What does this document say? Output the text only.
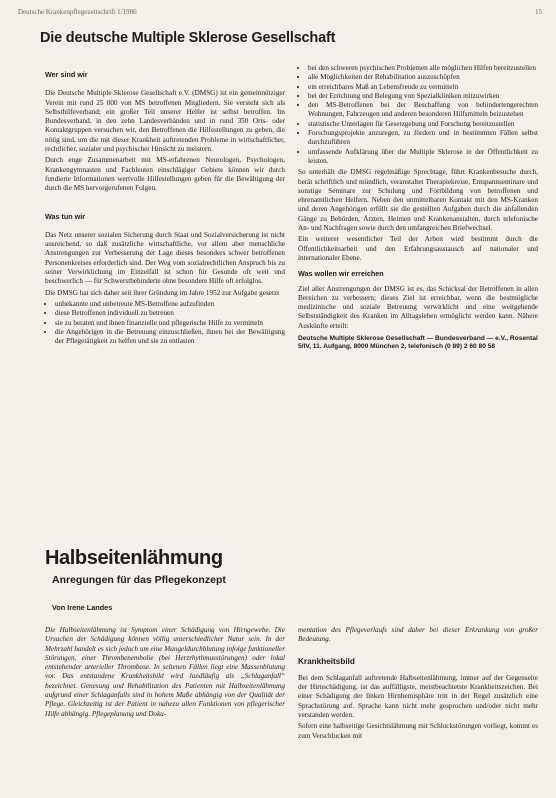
Deutsche Krankenpflegezeitschrift 1/1986	15
Die deutsche Multiple Sklerose Gesellschaft
Wer sind wir

Die Deutsche Multiple Sklerose Gesellschaft e.V. (DMSG) ist ein gemeinnütziger Verein mit rund 25 000 von MS betroffenen Mitgliedern. Sie versteht sich als Selbsthilfeverband; ein großer Teil unserer Helfer ist selbst betroffen. Im Bundesverband, in den zehn Landesverbänden und in rund 350 Orts- oder Kontaktgruppen versuchen wir, den Betroffenen die Hilfestellungen zu geben, die nötig sind, um die mit dieser Krankheit auftretenden Probleme in wirtschaftlicher, rechtlicher, sozialer und psychischer Hinsicht zu meistern.

Durch enge Zusammenarbeit mit MS-erfahrenen Neurologen, Psychologen, Krankengymnasten und Fachleuten einschlägiger Gebiete können wir durch fundierte Informationen wertvolle Hilfestellungen geben für die Bewältigung der durch die MS hervorgerufenen Folgen.

Was tun wir

Das Netz unserer sozialen Sicherung durch Staat und Sozialversicherung ist nicht ausreichend, so daß zusätzliche wirtschaftliche, vor allem aber menschliche Anstrengungen zur Verbesserung der Lage dieses besonders schwer betroffenen Personenkreises erforderlich sind. Der Weg vom sozialrechtlichen Anspruch bis zu seiner Verwirklichung im Einzelfall ist schon für Gesunde oft weit und beschwerlich — für Schwerstbehinderte ohne besondere Hilfe oft erfolglos.

Die DMSG hat sich daher seit ihrer Gründung im Jahre 1952 zur Aufgabe gesetzt

• unbekannte und unbetreute MS-Betroffene aufzufinden
• diese Betroffenen individuell zu betreuen
• sie zu beraten und ihnen finanzielle und pflegerische Hilfe zu vermitteln
• die Angehörigen in die Betreuung einzuschließen, ihnen bei der Bewältigung der Pflegetätigkeit zu helfen und sie zu entlasten
• bei den schweren psychischen Problemen alle möglichen Hilfen bereitzustellen
• alle Möglichkeiten der Rehabilitation auszuschöpfen
• ein erreichbares Maß an Lebensfreude zu vermitteln
• bei der Errichtung und Belegung von Spezialkliniken mitzuwirken
• den MS-Betroffenen bei der Beschaffung von behindertengerechten Wohnungen, Fahrzeugen und anderen besonderen Hilfsmitteln beizustehen
• statistische Unterlagen für Gesetzgebung und Forschung bereitzustellen
• Forschungsprojekte anzuregen, zu fördern und in bestimmten Fällen selbst durchzuführen
• umfassende Aufklärung über die Multiple Sklerose in der Öffentlichkeit zu leisten.

So unterhält die DMSG regelmäßige Sprechtage, führt Krankenbesuche durch, berät schriftlich und mündlich, veranstaltet Therapiekreise, Entspannseminare und sonstige Seminare zur Schulung und Fortbildung von betroffenen und ehrenamtlichen Helfern. Neben den unmittelbaren Kontakt mit den MS-Kranken und deren Angehörigen erfüllt sie die gestellten Aufgaben durch die anfallenden Gänge zu Behörden, Ärzten, Heimen und Krankenanstalten, durch telefonische An- und Nachfragen sowie durch den umfangreichen Briefwechsel.

Ein weiterer wesentlicher Teil der Arbeit wird bestimmt durch die Öffentlichkeitsarbeit und den Erfahrungsaustausch auf nationaler und internationaler Ebene.

Was wollen wir erreichen

Ziel aller Anstrengungen der DMSG ist es, das Schicksal der Betroffenen in allen Bereichen zu verbessern; dieses Ziel ist erreichbar, wenn die bestmögliche medizinische und soziale Betreuung verwirklicht und eine weitgehende Selbstständigkeit des Kranken im Alltagsleben ermöglicht werden kann. Nähere Auskünfte erteilt:

Deutsche Multiple Sklerose Gesellschaft — Bundesverband — e.V., Rosental 5/IV, 11. Aufgang, 8000 München 2, telefonisch (0 89) 2 60 80 58
Halbseitenlähmung
Anregungen für das Pflegekonzept
Von Irene Landes

Die Halbseitenlähmung ist Symptom einer Schädigung von Hirngewebe. Die Ursachen der Schädigung können völlig unterschiedlicher Natur sein. In der Mehrzahl handelt es sich jedoch um eine Mangeldurchblutung infolge funktioneller Störungen, einer Thrombenembolie (bei Herzrhythmusstörungen) oder lokal entstehender arterieller Thrombose. In seltenen Fällen liegt eine Massenblutung vor. Das entstandene Krankheitsbild wird landläufig als „Schlaganfall“ bezeichnet. Genesung und Rehabilitation des Patienten mit Halbseitenlähmung aufgrund einer Schlaganfalls sind in hohem Maße abhängig von der Qualität der Pflege. Gleichzeitig ist der Patient in nahezu allen Funktionen von pflegerischer Hilfe abhängig. Pflegeplanung und Doku-

mentation des Pflegeverlaufs sind daher bei dieser Erkrankung von großer Bedeutung.

Krankheitsbild

Bei dem Schlaganfall auftretende Halbseitenlähmung, immer auf der Gegenseite der Hirnschädigung, ist das auffälligste, meistbeachtetste Krankheitszeichen. Bei einer Schädigung der linken Hirnhemisphäre tritt in der Regel zusätzlich eine Sprachstörung auf. Sprache kann nicht mehr gesprochen und/oder nicht mehr verstanden werden.

Sofern eine halbseitige Gesichtslähmung mit Schluckstörungen vorliegt, kommt es zum Verschlucken mit
